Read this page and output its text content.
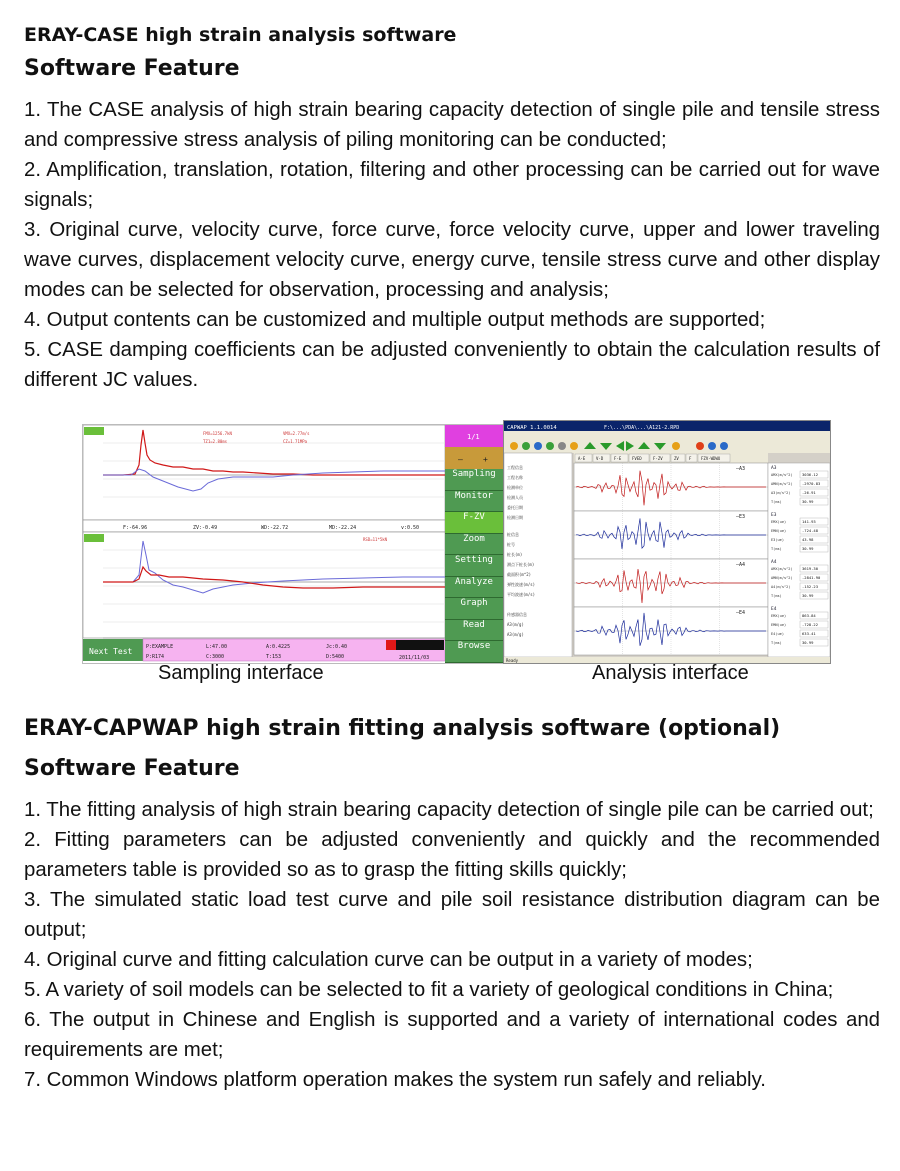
ERAY-CASE high strain analysis software
Software Feature

1. The CASE analysis of high strain bearing capacity detection of single pile and tensile stress and compressive stress analysis of piling monitoring can be conducted;

2. Amplification, translation, rotation, filtering and other processing can be carried out for wave signals;

3. Original curve, velocity curve, force curve, force velocity curve, upper and lower traveling wave curves, displacement velocity curve, energy curve, tensile stress curve and other display modes can be selected for observation, processing and analysis;

4. Output contents can be customized and multiple output methods are supported;

5. CASE damping coefficients can be adjusted conveniently to obtain the calculation results of different JC values.

FMX=1256.7kN	VMX=2.77m/s
TZ1=2.80ms	CZ=1.71MPa
F:-64.96	ZV:-0.49	WD:-22.72	MD:-22.24	v:0.50
RSD=11*5kN
Next Test	P:EXAMPLE	L:47.00	A:0.4225	Jc:0.40
P:R174	C:3000	T:153	D:5400	2011/11/03
1/1
–	+
Sampling
Monitor
F-ZV
Zoom
Setting
Analyze
Graph
Read
Browse
CAPWAP 1.1.0014	F:\...\PDA\...\A121-2.RPD
工程信息
工程名称
检测单位
检测人员
委托日期
检测日期
桩信息
桩号
桩长(m)
测点下桩长(m)
截面积(m^2)
弹性波速(m/s)
平均波速(m/s)
传感器信息
A3(m/g)
A3(m/g)
A-E	V-D	F-E	FVED	F-ZV	ZV	F FZV-WDWU
—A3
—E3
—A4
—E4
A3
AMX(m/s^2) 3036.12
AMN(m/s^2) -2970.83
A3(m/s^2)	-26.91
T(ms)	30.99
E3
EMX(ue)	141.93
EMN(ue)	-724.48
E3(ue)	43.98
T(ms)	30.99
A4
AMX(m/s^2) 3619.30
AMN(m/s^2) -2841.90
A4(m/s^2)	-152.23
T(ms)	30.99
E4
EMX(ue)	863.84
EMN(ue)	-728.22
E4(ue)	633.41
T(ms)	30.99
Ready
Sampling interface	Analysis interface
ERAY-CAPWAP high strain fitting analysis software (optional)
Software Feature

1. The fitting analysis of high strain bearing capacity detection of single pile can be carried out;

2. Fitting parameters can be adjusted conveniently and quickly and the recommended parameters table is provided so as to grasp the fitting skills quickly;

3. The simulated static load test curve and pile soil resistance distribution diagram can be output;

4. Original curve and fitting calculation curve can be output in a variety of modes;

5. A variety of soil models can be selected to fit a variety of geological conditions in China;

6. The output in Chinese and English is supported and a variety of international codes and requirements are met;

7. Common Windows platform operation makes the system run safely and reliably.
